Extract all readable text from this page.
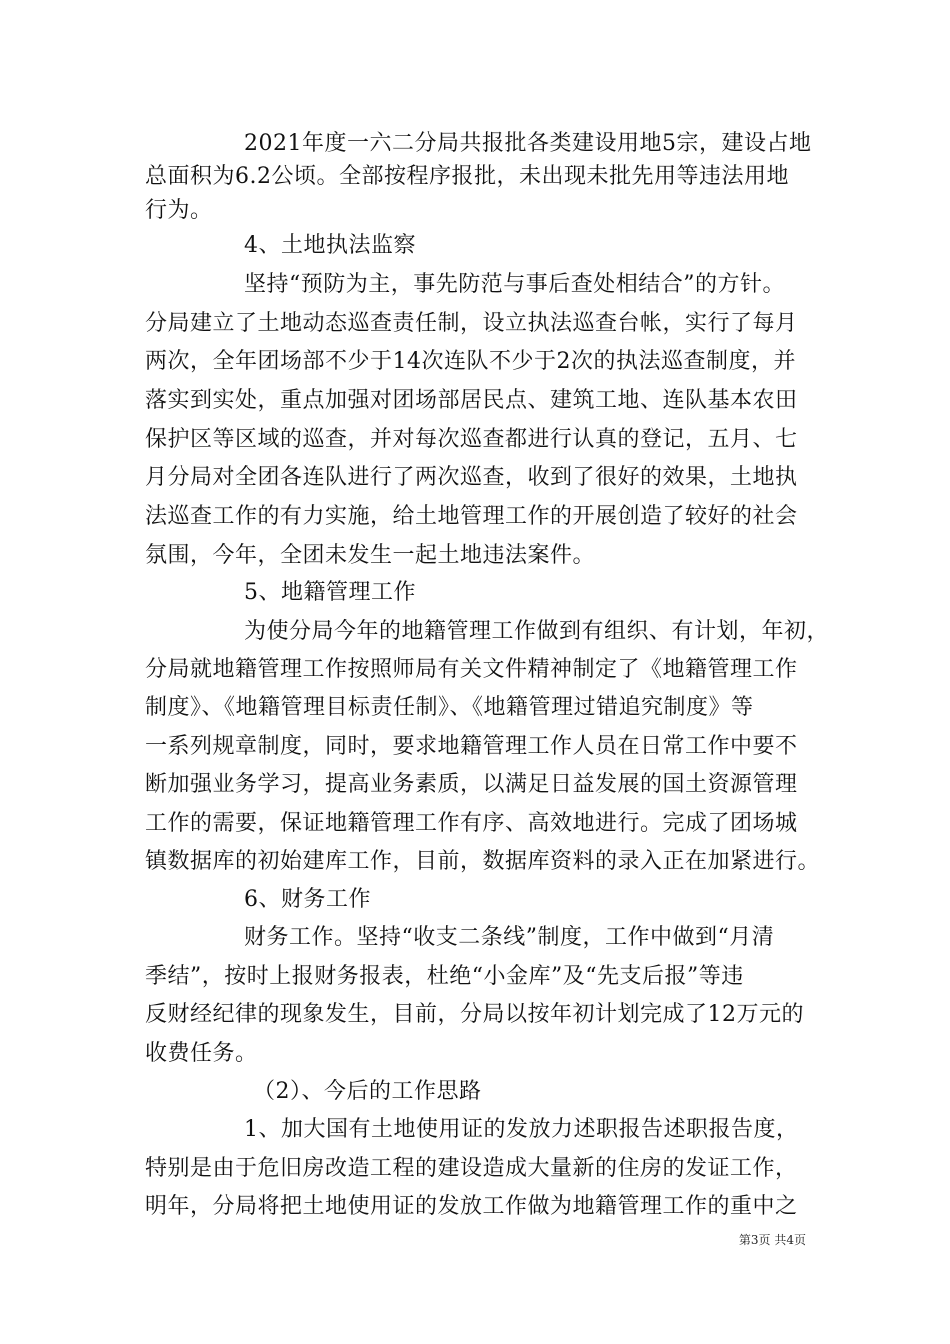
2021年度一六二分局共报批各类建设用地5宗，建设占地
总面积为6.2公顷。全部按程序报批，未出现未批先用等违法用地
行为。
4、土地执法监察
坚持“预防为主，事先防范与事后查处相结合”的方针。
分局建立了土地动态巡查责任制，设立执法巡查台帐，实行了每月
两次，全年团场部不少于14次连队不少于2次的执法巡查制度，并
落实到实处，重点加强对团场部居民点、建筑工地、连队基本农田
保护区等区域的巡查，并对每次巡查都进行认真的登记，五月、七
月分局对全团各连队进行了两次巡查，收到了很好的效果，土地执
法巡查工作的有力实施，给土地管理工作的开展创造了较好的社会
氛围，今年，全团未发生一起土地违法案件。
5、地籍管理工作
为使分局今年的地籍管理工作做到有组织、有计划，年初，
分局就地籍管理工作按照师局有关文件精神制定了《地籍管理工作
制度》、《地籍管理目标责任制》、《地籍管理过错追究制度》等
一系列规章制度，同时，要求地籍管理工作人员在日常工作中要不
断加强业务学习，提高业务素质，以满足日益发展的国土资源管理
工作的需要，保证地籍管理工作有序、高效地进行。完成了团场城
镇数据库的初始建库工作，目前，数据库资料的录入正在加紧进行。
6、财务工作
财务工作。坚持“收支二条线”制度，工作中做到“月清
季结”，按时上报财务报表，杜绝“小金库”及“先支后报”等违
反财经纪律的现象发生，目前，分局以按年初计划完成了12万元的
收费任务。
（2）、今后的工作思路
1、加大国有土地使用证的发放力述职报告述职报告度，
特别是由于危旧房改造工程的建设造成大量新的住房的发证工作，
明年，分局将把土地使用证的发放工作做为地籍管理工作的重中之
第3页 共4页
